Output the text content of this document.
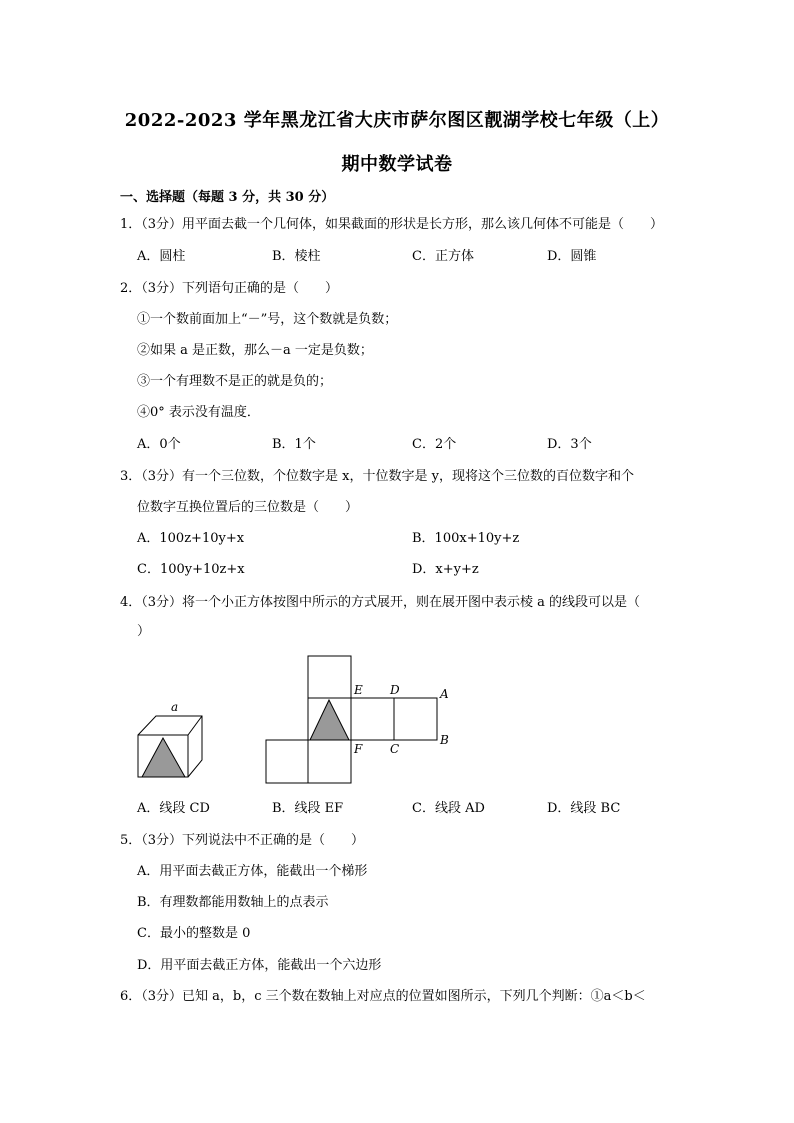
2022-2023 学年黑龙江省大庆市萨尔图区靓湖学校七年级（上）
期中数学试卷
一、选择题（每题 3 分，共 30 分）
1．（3分）用平面去截一个几何体，如果截面的形状是长方形，那么该几何体不可能是（　　）
A．圆柱	B．棱柱	C．正方体	D．圆锥
2．（3分）下列语句正确的是（　　）
①一个数前面加上“－”号，这个数就是负数；
②如果 a 是正数，那么－a 一定是负数；
③一个有理数不是正的就是负的；
④0° 表示没有温度．
A．0个	B．1个	C．2个	D．3个
3．（3分）有一个三位数，个位数字是 x，十位数字是 y，现将这个三位数的百位数字和个
位数字互换位置后的三位数是（　　）
A．100z+10y+x	B．100x+10y+z
C．100y+10z+x	D．x+y+z
4．（3分）将一个小正方体按图中所示的方式展开，则在展开图中表示棱 a 的线段可以是（
）
a
E D	A
F C
B
A．线段 CD	B．线段 EF	C．线段 AD	D．线段 BC
5．（3分）下列说法中不正确的是（　　）
A．用平面去截正方体，能截出一个梯形
B．有理数都能用数轴上的点表示
C．最小的整数是 0
D．用平面去截正方体，能截出一个六边形
6．（3分）已知 a，b，c 三个数在数轴上对应点的位置如图所示，下列几个判断：①a＜b＜
